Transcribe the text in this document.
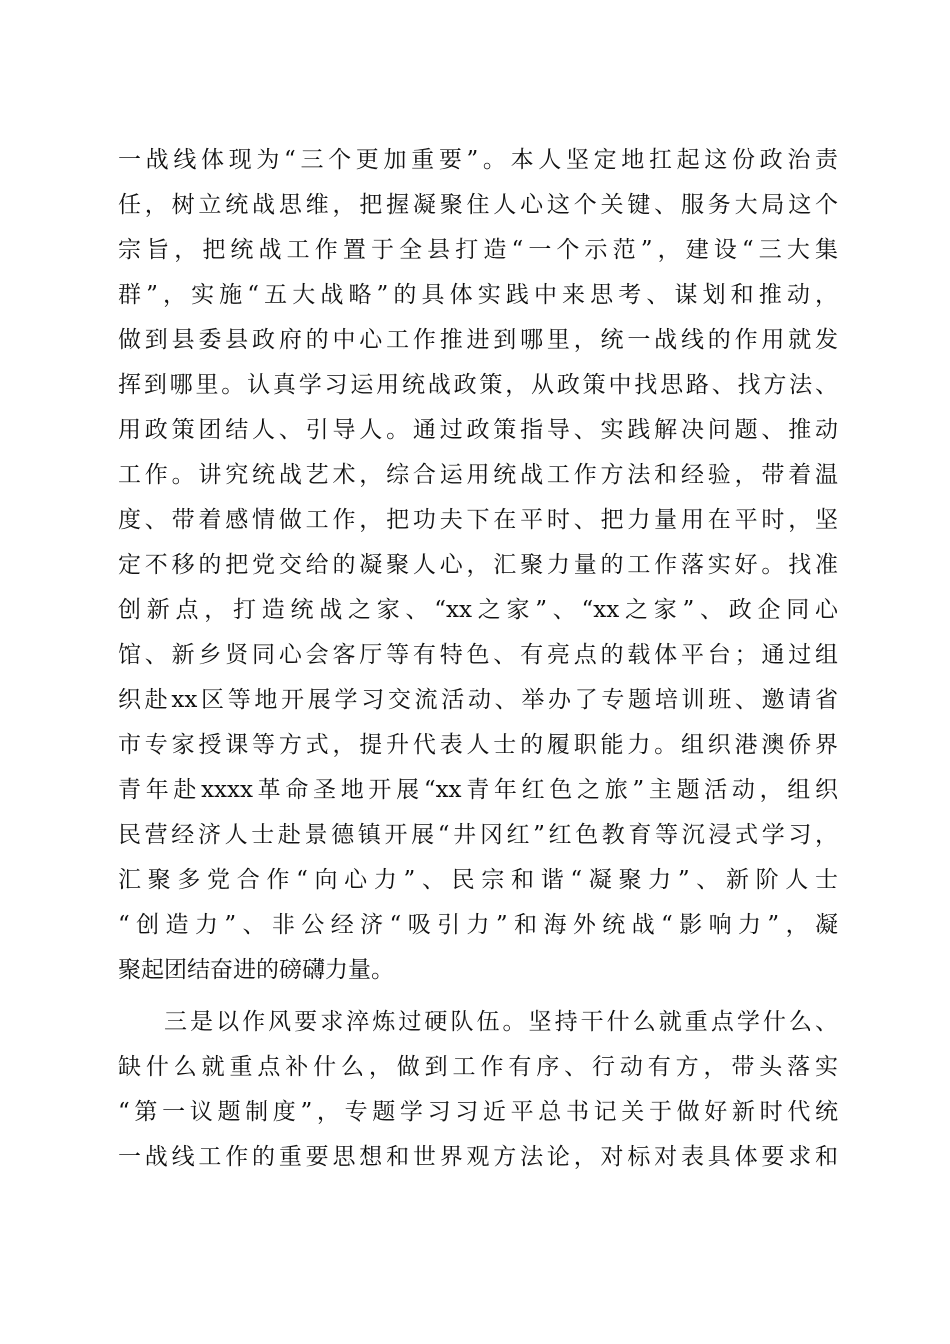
一战线体现为“三个更加重要”。本人坚定地扛起这份政治责
任，树立统战思维，把握凝聚住人心这个关键、服务大局这个
宗旨，把统战工作置于全县打造“一个示范”，建设“三大集
群”，实施“五大战略”的具体实践中来思考、谋划和推动，
做到县委县政府的中心工作推进到哪里，统一战线的作用就发
挥到哪里。认真学习运用统战政策，从政策中找思路、找方法、
用政策团结人、引导人。通过政策指导、实践解决问题、推动
工作。讲究统战艺术，综合运用统战工作方法和经验，带着温
度、带着感情做工作，把功夫下在平时、把力量用在平时，坚
定不移的把党交给的凝聚人心，汇聚力量的工作落实好。找准
创新点，打造统战之家、“xx之家”、“xx之家”、政企同心
馆、新乡贤同心会客厅等有特色、有亮点的载体平台；通过组
织赴xx区等地开展学习交流活动、举办了专题培训班、邀请省
市专家授课等方式，提升代表人士的履职能力。组织港澳侨界
青年赴xxxx革命圣地开展“xx青年红色之旅”主题活动，组织
民营经济人士赴景德镇开展“井冈红”红色教育等沉浸式学习，
汇聚多党合作“向心力”、民宗和谐“凝聚力”、新阶人士
“创造力”、非公经济“吸引力”和海外统战“影响力”，凝
聚起团结奋进的磅礴力量。
三是以作风要求淬炼过硬队伍。坚持干什么就重点学什么、
缺什么就重点补什么，做到工作有序、行动有方，带头落实
“第一议题制度”，专题学习习近平总书记关于做好新时代统
一战线工作的重要思想和世界观方法论，对标对表具体要求和
